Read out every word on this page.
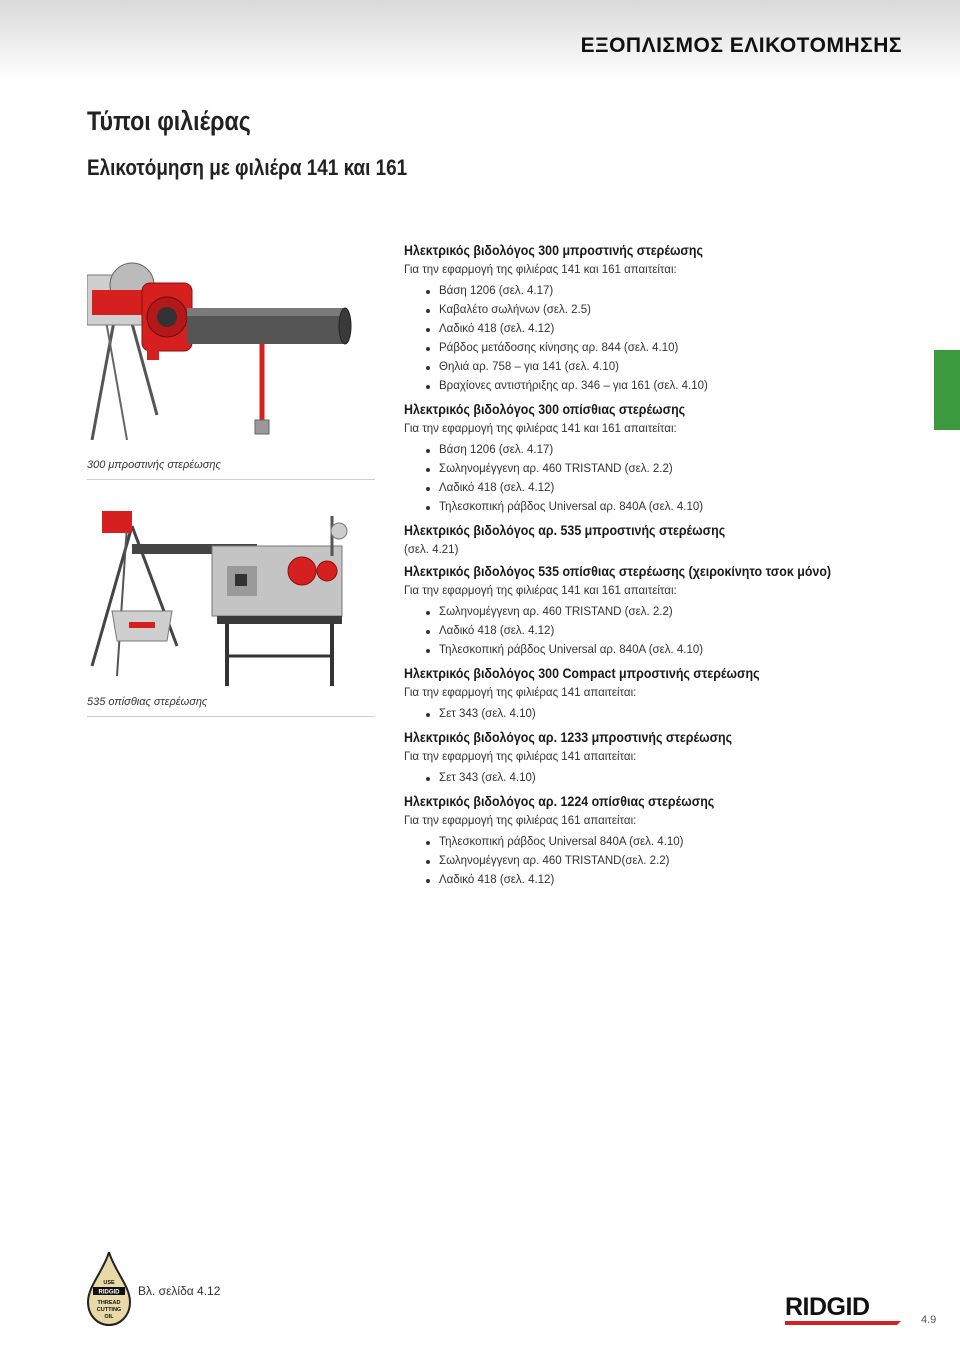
ΕΞΟΠΛΙΣΜΟΣ ΕΛΙΚΟΤΟΜΗΣΗΣ
Τύποι φιλιέρας
Ελικοτόμηση με φιλιέρα 141 και 161
300 μπροστινής στερέωσης
535 οπίσθιας στερέωσης
Ηλεκτρικός βιδολόγος 300 μπροστινής στερέωσης
Για την εφαρμογή της φιλιέρας 141 και 161 απαιτείται:
Βάση 1206 (σελ. 4.17)
Καβαλέτο σωλήνων (σελ. 2.5)
Λαδικό 418 (σελ. 4.12)
Ράβδος μετάδοσης κίνησης αρ. 844 (σελ. 4.10)
Θηλιά αρ. 758 – για 141 (σελ. 4.10)
Βραχίονες αντιστήριξης αρ. 346 – για 161 (σελ. 4.10)
Ηλεκτρικός βιδολόγος 300 οπίσθιας στερέωσης
Για την εφαρμογή της φιλιέρας 141 και 161 απαιτείται:
Βάση 1206 (σελ. 4.17)
Σωληνομέγγενη αρ. 460 TRISTAND (σελ. 2.2)
Λαδικό 418 (σελ. 4.12)
Τηλεσκοπική ράβδος Universal αρ. 840A (σελ. 4.10)
Ηλεκτρικός βιδολόγος αρ. 535 μπροστινής στερέωσης
(σελ. 4.21)
Ηλεκτρικός βιδολόγος 535 οπίσθιας στερέωσης (χειροκίνητο τσοκ μόνο)
Για την εφαρμογή της φιλιέρας 141 και 161 απαιτείται:
Σωληνομέγγενη αρ. 460 TRISTAND (σελ. 2.2)
Λαδικό 418 (σελ. 4.12)
Τηλεσκοπική ράβδος Universal αρ. 840A (σελ. 4.10)
Ηλεκτρικός βιδολόγος 300 Compact μπροστινής στερέωσης
Για την εφαρμογή της φιλιέρας 141 απαιτείται:
Σετ 343 (σελ. 4.10)
Ηλεκτρικός βιδολόγος αρ. 1233 μπροστινής στερέωσης
Για την εφαρμογή της φιλιέρας 141 απαιτείται:
Σετ 343 (σελ. 4.10)
Ηλεκτρικός βιδολόγος αρ. 1224 οπίσθιας στερέωσης
Για την εφαρμογή της φιλιέρας 161 απαιτείται:
Τηλεσκοπική ράβδος Universal 840A (σελ. 4.10)
Σωληνομέγγενη αρ. 460 TRISTAND(σελ. 2.2)
Λαδικό 418 (σελ. 4.12)
USE
RIDGID
THREAD
CUTTING
OIL
Βλ. σελίδα 4.12
RIDGID	4.9
